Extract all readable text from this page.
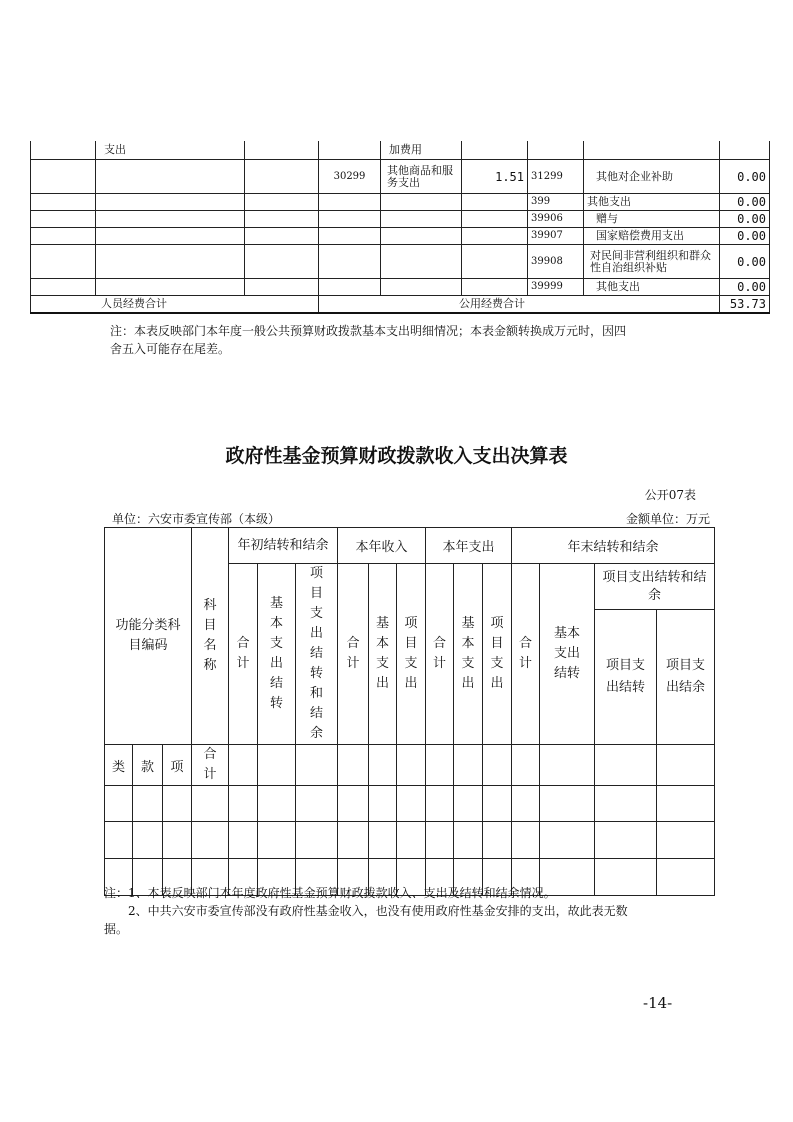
	支出			加费用				
			30299	其他商品和服务支出	1.51	31299	其他对企业补助	0.00
						399	其他支出	0.00
						39906	赠与	0.00
						39907	国家赔偿费用支出	0.00
						39908	对民间非营利组织和群众性自治组织补贴	0.00
						39999	其他支出	0.00
人员经费合计			公用经费合计					53.73
注：本表反映部门本年度一般公共预算财政拨款基本支出明细情况；本表金额转换成万元时，因四
舍五入可能存在尾差。
政府性基金预算财政拨款收入支出决算表
公开07表
单位：六安市委宣传部（本级）	金额单位：万元
功能分类科目编码			科目名称	年初结转和结余			本年收入			本年支出			年末结转和结余			
				合计	基本支出结转	项目支出结转和结余	合计	基本支出	项目支出	合计	基本支出	项目支出	合计	基本支出结转	项目支出结转和结余	
															项目支出结转	项目支出结余
类	款	项	合计													

注：1、本表反映部门本年度政府性基金预算财政拨款收入、支出及结转和结余情况。
2、中共六安市委宣传部没有政府性基金收入，也没有使用政府性基金安排的支出，故此表无数
据。
-14-
